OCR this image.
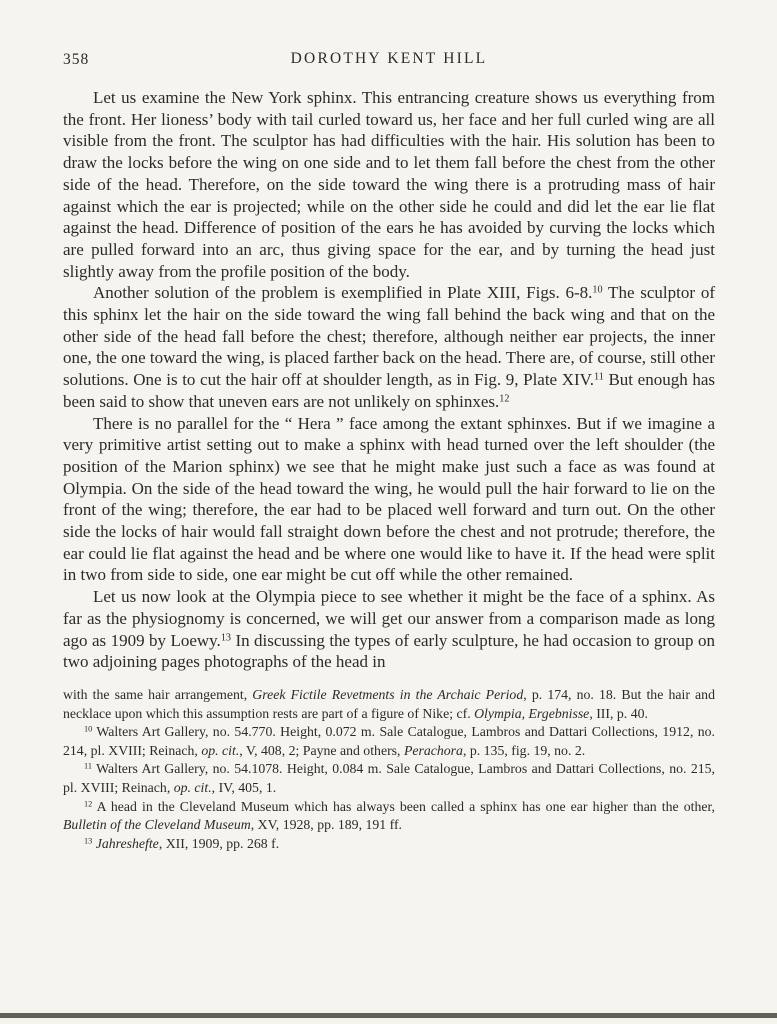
358	DOROTHY KENT HILL

Let us examine the New York sphinx. This entrancing creature shows us everything from the front. Her lioness’ body with tail curled toward us, her face and her full curled wing are all visible from the front. The sculptor has had difficulties with the hair. His solution has been to draw the locks before the wing on one side and to let them fall before the chest from the other side of the head. Therefore, on the side toward the wing there is a protruding mass of hair against which the ear is projected; while on the other side he could and did let the ear lie flat against the head. Difference of position of the ears he has avoided by curving the locks which are pulled forward into an arc, thus giving space for the ear, and by turning the head just slightly away from the profile position of the body.

Another solution of the problem is exemplified in Plate XIII, Figs. 6-8.10 The sculptor of this sphinx let the hair on the side toward the wing fall behind the back wing and that on the other side of the head fall before the chest; therefore, although neither ear projects, the inner one, the one toward the wing, is placed farther back on the head. There are, of course, still other solutions. One is to cut the hair off at shoulder length, as in Fig. 9, Plate XIV.$^{11}$ But enough has been said to show that uneven ears are not unlikely on sphinxes.$^{12}$

There is no parallel for the “ Hera ” face among the extant sphinxes. But if we imagine a very primitive artist setting out to make a sphinx with head turned over the left shoulder (the position of the Marion sphinx) we see that he might make just such a face as was found at Olympia. On the side of the head toward the wing, he would pull the hair forward to lie on the front of the wing; therefore, the ear had to be placed well forward and turn out. On the other side the locks of hair would fall straight down before the chest and not protrude; therefore, the ear could lie flat against the head and be where one would like to have it. If the head were split in two from side to side, one ear might be cut off while the other remained.

Let us now look at the Olympia piece to see whether it might be the face of a sphinx. As far as the physiognomy is concerned, we will get our answer from a comparison made as long ago as 1909 by Loewy.$^{13}$ In discussing the types of early sculpture, he had occasion to group on two adjoining pages photographs of the head in

with the same hair arrangement, Greek Fictile Revetments in the Archaic Period, p. 174, no. 18. But the hair and necklace upon which this assumption rests are part of a figure of Nike; cf. Olympia, Ergebnisse, III, p. 40.

$^{10}$ Walters Art Gallery, no. 54.770. Height, 0.072 m. Sale Catalogue, Lambros and Dattari Collections, 1912, no. 214, pl. XVIII; Reinach, op. cit., V, 408, 2; Payne and others, Perachora, p. 135, fig. 19, no. 2.

$^{11}$ Walters Art Gallery, no. 54.1078. Height, 0.084 m. Sale Catalogue, Lambros and Dattari Collections, no. 215, pl. XVIII; Reinach, op. cit., IV, 405, 1.

$^{12}$ A head in the Cleveland Museum which has always been called a sphinx has one ear higher than the other, Bulletin of the Cleveland Museum, XV, 1928, pp. 189, 191 ff.

$^{13}$ Jahreshefte, XII, 1909, pp. 268 f.
